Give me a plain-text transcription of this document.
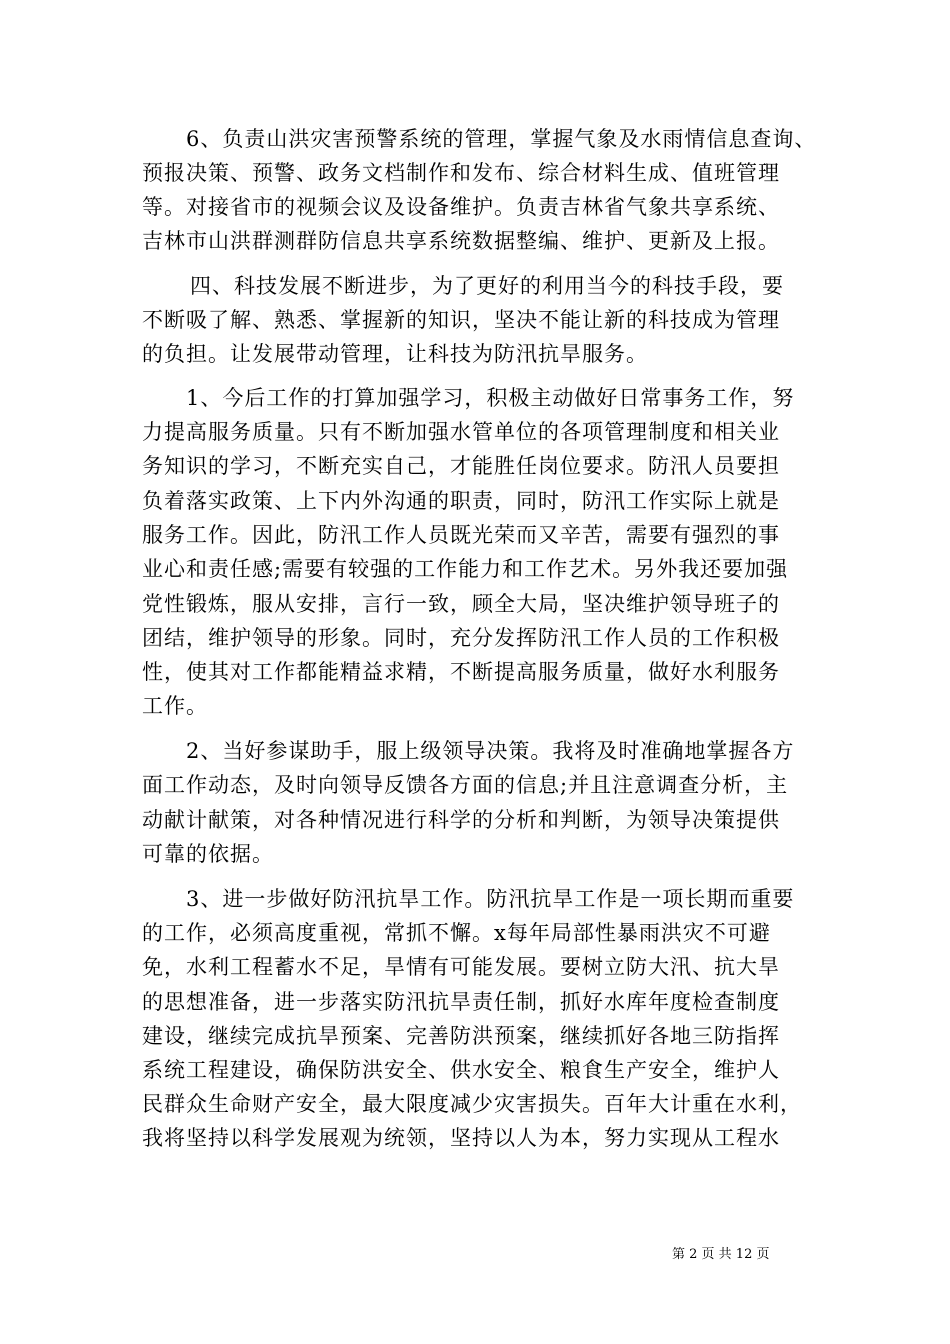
6、负责山洪灾害预警系统的管理，掌握气象及水雨情信息查询、
预报决策、预警、政务文档制作和发布、综合材料生成、值班管理
等。对接省市的视频会议及设备维护。负责吉林省气象共享系统、
吉林市山洪群测群防信息共享系统数据整编、维护、更新及上报。
四、科技发展不断进步，为了更好的利用当今的科技手段，要
不断吸了解、熟悉、掌握新的知识，坚决不能让新的科技成为管理
的负担。让发展带动管理，让科技为防汛抗旱服务。
1、今后工作的打算加强学习，积极主动做好日常事务工作，努
力提高服务质量。只有不断加强水管单位的各项管理制度和相关业
务知识的学习，不断充实自己，才能胜任岗位要求。防汛人员要担
负着落实政策、上下内外沟通的职责，同时，防汛工作实际上就是
服务工作。因此，防汛工作人员既光荣而又辛苦，需要有强烈的事
业心和责任感;需要有较强的工作能力和工作艺术。另外我还要加强
党性锻炼，服从安排，言行一致，顾全大局，坚决维护领导班子的
团结，维护领导的形象。同时，充分发挥防汛工作人员的工作积极
性，使其对工作都能精益求精，不断提高服务质量，做好水利服务
工作。
2、当好参谋助手，服上级领导决策。我将及时准确地掌握各方
面工作动态，及时向领导反馈各方面的信息;并且注意调查分析，主
动献计献策，对各种情况进行科学的分析和判断，为领导决策提供
可靠的依据。
3、进一步做好防汛抗旱工作。防汛抗旱工作是一项长期而重要
的工作，必须高度重视，常抓不懈。x每年局部性暴雨洪灾不可避
免，水利工程蓄水不足，旱情有可能发展。要树立防大汛、抗大旱
的思想准备，进一步落实防汛抗旱责任制，抓好水库年度检查制度
建设，继续完成抗旱预案、完善防洪预案，继续抓好各地三防指挥
系统工程建设，确保防洪安全、供水安全、粮食生产安全，维护人
民群众生命财产安全，最大限度减少灾害损失。百年大计重在水利，
我将坚持以科学发展观为统领，坚持以人为本，努力实现从工程水
第 2 页 共 12 页
